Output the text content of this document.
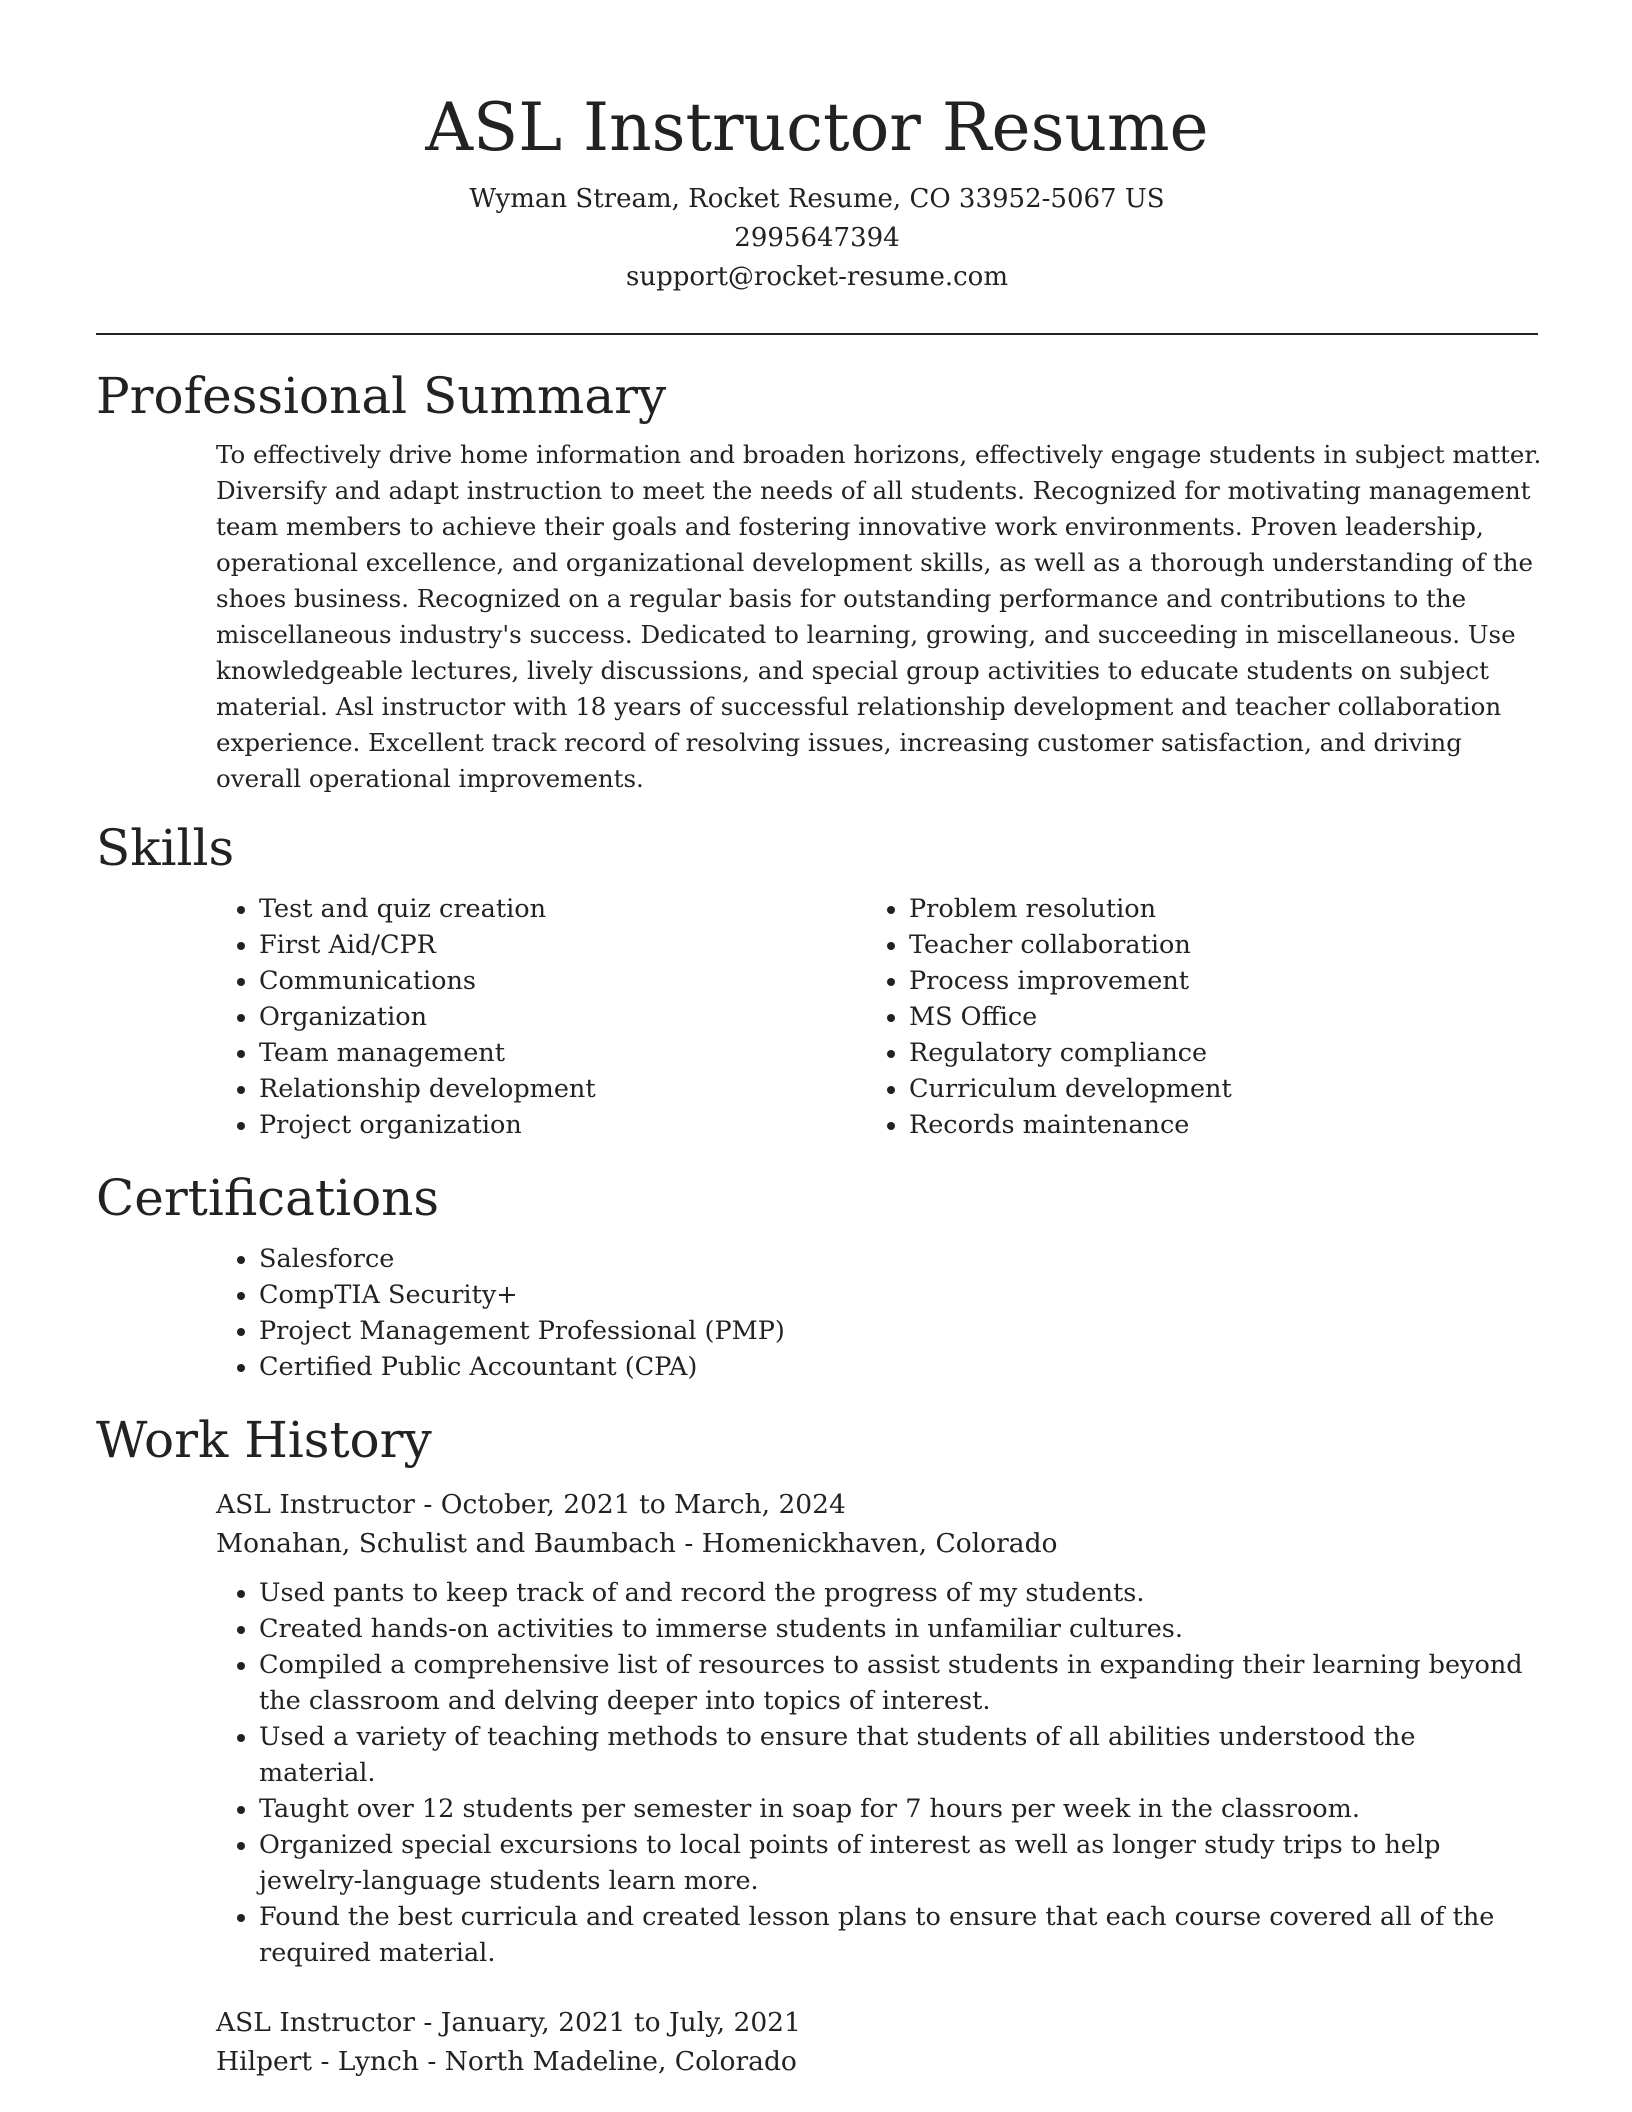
ASL Instructor Resume

Wyman Stream, Rocket Resume, CO 33952-5067 US

2995647394

support@rocket-resume.com

Professional Summary

To effectively drive home information and broaden horizons, effectively engage students in subject matter. Diversify and adapt instruction to meet the needs of all students. Recognized for motivating management team members to achieve their goals and fostering innovative work environments. Proven leadership, operational excellence, and organizational development skills, as well as a thorough understanding of the shoes business. Recognized on a regular basis for outstanding performance and contributions to the miscellaneous industry's success. Dedicated to learning, growing, and succeeding in miscellaneous. Use knowledgeable lectures, lively discussions, and special group activities to educate students on subject material. Asl instructor with 18 years of successful relationship development and teacher collaboration experience. Excellent track record of resolving issues, increasing customer satisfaction, and driving overall operational improvements.

Skills
• Test and quiz creation
• First Aid/CPR
• Communications
• Organization
• Team management
• Relationship development
• Project organization
• Problem resolution
• Teacher collaboration
• Process improvement
• MS Office
• Regulatory compliance
• Curriculum development
• Records maintenance
Certifications
• Salesforce
• CompTIA Security+
• Project Management Professional (PMP)
• Certified Public Accountant (CPA)
Work History

ASL Instructor - October, 2021 to March, 2024

Monahan, Schulist and Baumbach - Homenickhaven, Colorado

• Used pants to keep track of and record the progress of my students.
• Created hands-on activities to immerse students in unfamiliar cultures.
• Compiled a comprehensive list of resources to assist students in expanding their learning beyond the classroom and delving deeper into topics of interest.
• Used a variety of teaching methods to ensure that students of all abilities understood the material.
• Taught over 12 students per semester in soap for 7 hours per week in the classroom.
• Organized special excursions to local points of interest as well as longer study trips to help jewelry-language students learn more.
• Found the best curricula and created lesson plans to ensure that each course covered all of the required material.

ASL Instructor - January, 2021 to July, 2021

Hilpert - Lynch - North Madeline, Colorado
